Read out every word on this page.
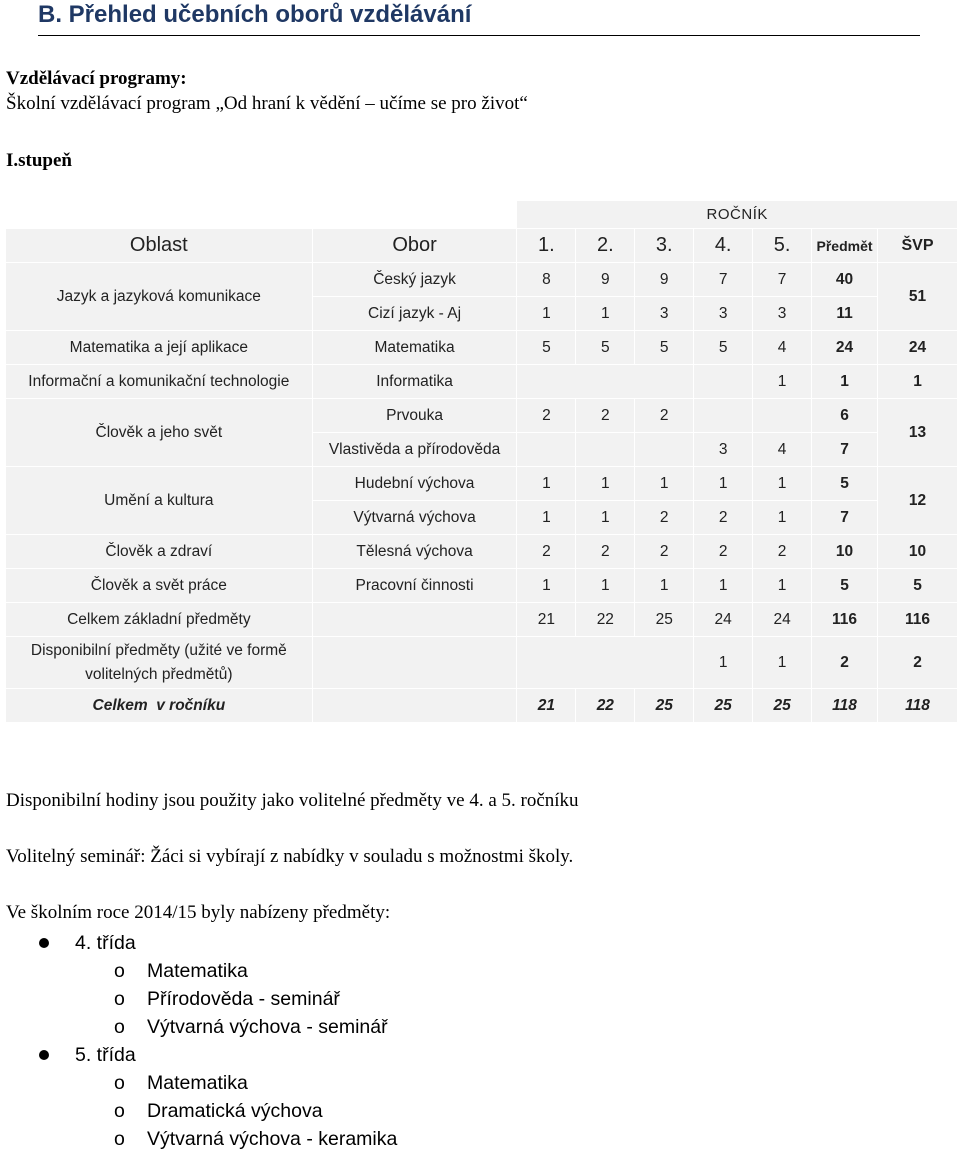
B. Přehled učebních oborů vzdělávání
Vzdělávací programy:
Školní vzdělávací program „Od hraní k vědění – učíme se pro život“
I.stupeň
		ROČNÍK						
Oblast	Obor	1.	2.	3.	4.	5.	Předmět	ŠVP
Jazyk a jazyková komunikace	Český jazyk	8	9	9	7	7	40	51
	Cizí jazyk - Aj	1	1	3	3	3	11	
Matematika a její aplikace	Matematika	5	5	5	5	4	24	24
Informační a komunikační technologie	Informatika					1	1	1
Člověk a jeho svět	Prvouka	2	2	2			6	13
	Vlastivěda a přírodověda				3	4	7	
Umění a kultura	Hudební výchova	1	1	1	1	1	5	12
	Výtvarná výchova	1	1	2	2	1	7	
Člověk a zdraví	Tělesná výchova	2	2	2	2	2	10	10
Člověk a svět práce	Pracovní činnosti	1	1	1	1	1	5	5
Celkem základní předměty		21	22	25	24	24	116	116

Disponibilní předměty (užité ve formě
volitelných předmětů)					1	1	2	2
Celkem  v ročníku		21	22	25	25	25	118	118
Disponibilní hodiny jsou použity jako volitelné předměty ve 4. a 5. ročníku
Volitelný seminář: Žáci si vybírají z nabídky v souladu s možnostmi školy.
Ve školním roce 2014/15 byly nabízeny předměty:
4. třída
o Matematika
o Přírodověda - seminář
o Výtvarná výchova - seminář
5. třída
o Matematika
o Dramatická výchova
o Výtvarná výchova - keramika
